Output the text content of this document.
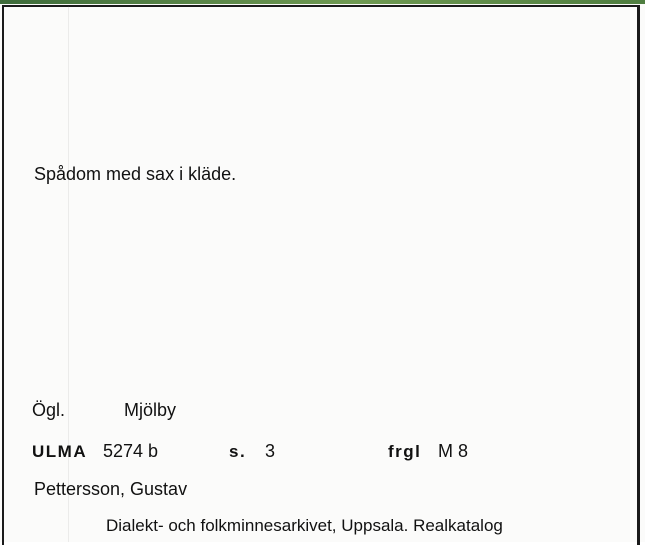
Spådom med sax i kläde.
Ögl.	Mjölby
ULMA 5274 b	s. 3	frgl M 8
Pettersson, Gustav
Dialekt- och folkminnesarkivet, Uppsala. Realkatalog
